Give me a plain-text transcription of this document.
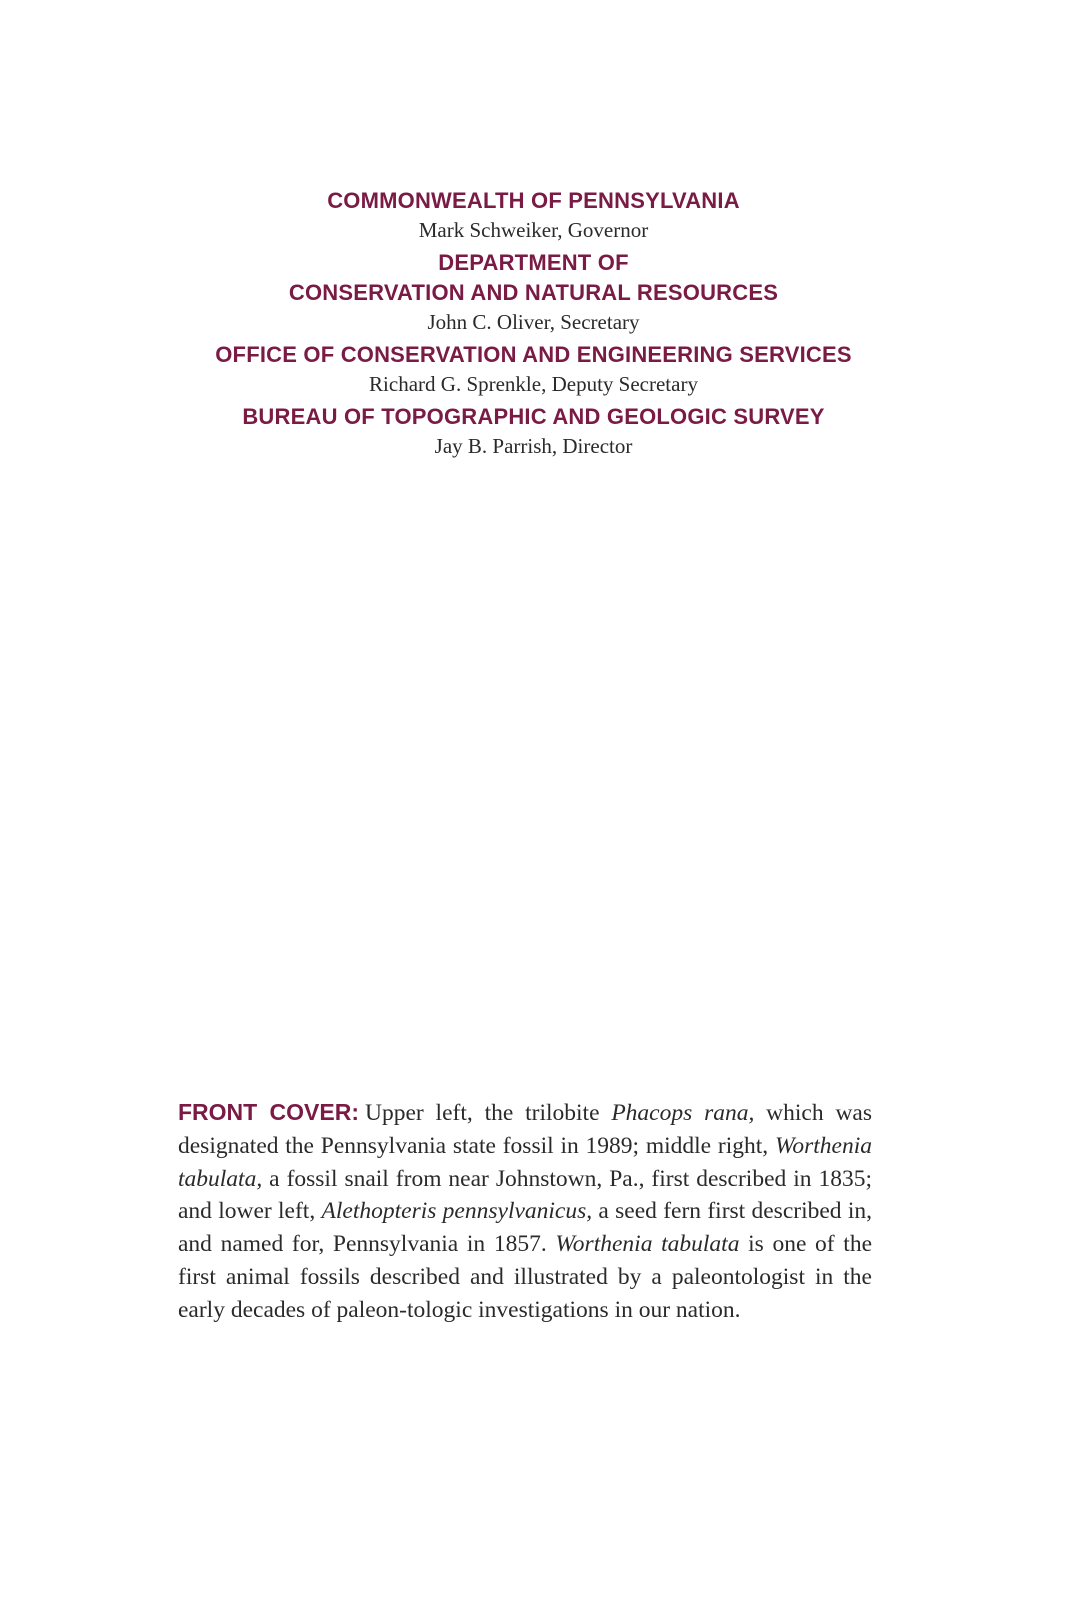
COMMONWEALTH OF PENNSYLVANIA
Mark Schweiker, Governor
DEPARTMENT OF
CONSERVATION AND NATURAL RESOURCES
John C. Oliver, Secretary
OFFICE OF CONSERVATION AND ENGINEERING SERVICES
Richard G. Sprenkle, Deputy Secretary
BUREAU OF TOPOGRAPHIC AND GEOLOGIC SURVEY
Jay B. Parrish, Director
FRONT COVER: Upper left, the trilobite Phacops rana, which was designated the Pennsylvania state fossil in 1989; middle right, Worthenia tabulata, a fossil snail from near Johnstown, Pa., first described in 1835; and lower left, Alethopteris pennsylvanicus, a seed fern first described in, and named for, Pennsylvania in 1857. Worthenia tabulata is one of the first animal fossils described and illustrated by a paleontologist in the early decades of paleon-tologic investigations in our nation.
